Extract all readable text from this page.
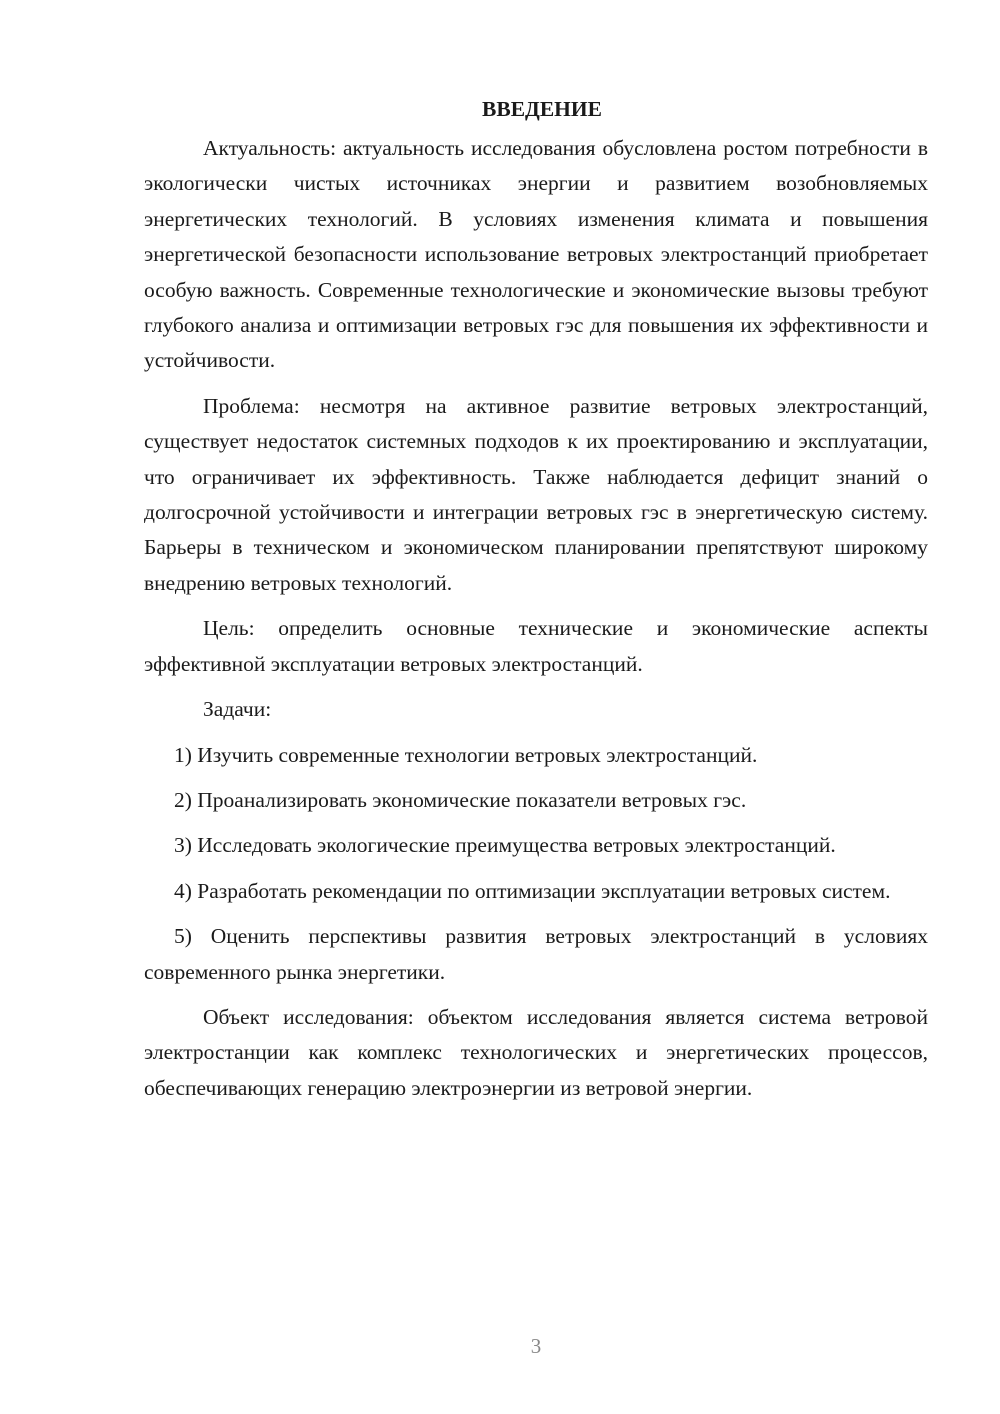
ВВЕДЕНИЕ

Актуальность: актуальность исследования обусловлена ростом потребности в экологически чистых источниках энергии и развитием возобновляемых энергетических технологий. В условиях изменения климата и повышения энергетической безопасности использование ветровых электростанций приобретает особую важность. Современные технологические и экономические вызовы требуют глубокого анализа и оптимизации ветровых гэс для повышения их эффективности и устойчивости.

Проблема: несмотря на активное развитие ветровых электростанций, существует недостаток системных подходов к их проектированию и эксплуатации, что ограничивает их эффективность. Также наблюдается дефицит знаний о долгосрочной устойчивости и интеграции ветровых гэс в энергетическую систему. Барьеры в техническом и экономическом планировании препятствуют широкому внедрению ветровых технологий.

Цель: определить основные технические и экономические аспекты эффективной эксплуатации ветровых электростанций.

Задачи:

1) Изучить современные технологии ветровых электростанций.

2) Проанализировать экономические показатели ветровых гэс.

3) Исследовать экологические преимущества ветровых электростанций.

4) Разработать рекомендации по оптимизации эксплуатации ветровых систем.

5) Оценить перспективы развития ветровых электростанций в условиях современного рынка энергетики.

Объект исследования: объектом исследования является система ветровой электростанции как комплекс технологических и энергетических процессов, обеспечивающих генерацию электроэнергии из ветровой энергии.

3
